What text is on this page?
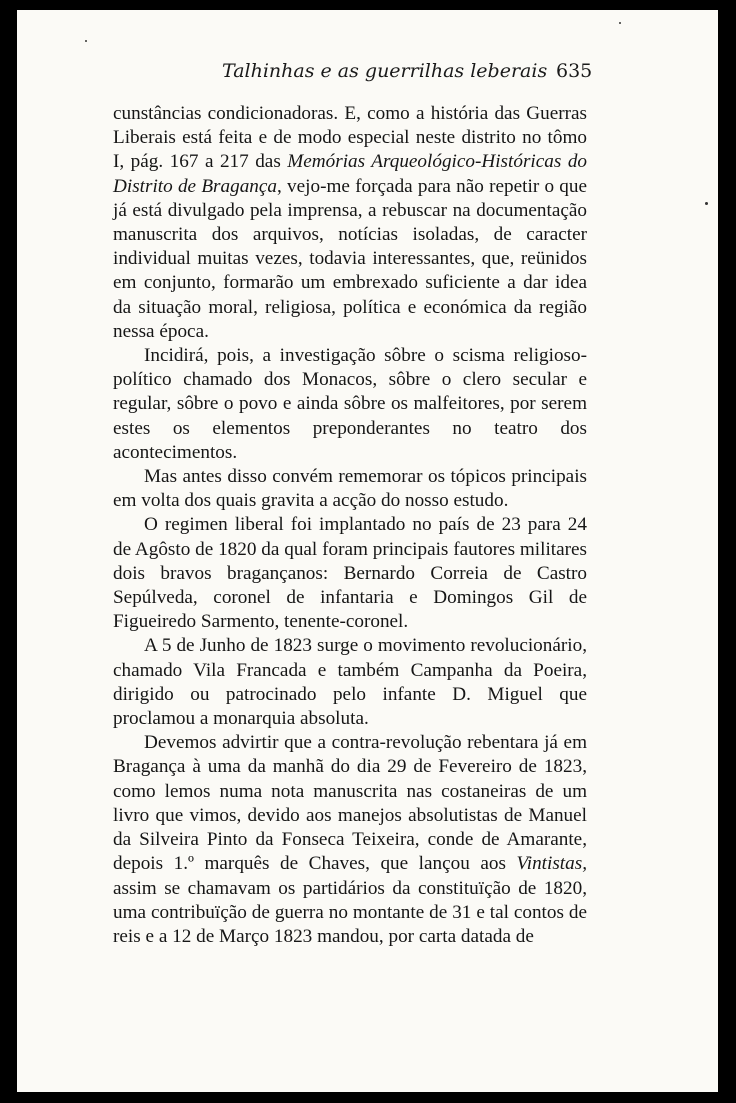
Talhinhas e as guerrilhas leberais 635

cunstâncias condicionadoras. E, como a história das Guerras Liberais está feita e de modo especial neste distrito no tômo I, pág. 167 a 217 das Memórias Arqueológico-Históricas do Distrito de Bragança, vejo-me forçada para não repetir o que já está divulgado pela imprensa, a rebuscar na documentação manuscrita dos arquivos, notícias isoladas, de caracter individual muitas vezes, todavia interessantes, que, reünidos em conjunto, formarão um embrexado suficiente a dar idea da situação moral, religiosa, política e económica da região nessa época.

Incidirá, pois, a investigação sôbre o scisma religioso-político chamado dos Monacos, sôbre o clero secular e regular, sôbre o povo e ainda sôbre os malfeitores, por serem estes os elementos preponderantes no teatro dos acontecimentos.

Mas antes disso convém rememorar os tópicos principais em volta dos quais gravita a acção do nosso estudo.

O regimen liberal foi implantado no país de 23 para 24 de Agôsto de 1820 da qual foram principais fautores militares dois bravos bragançanos: Bernardo Correia de Castro Sepúlveda, coronel de infantaria e Domingos Gil de Figueiredo Sarmento, tenente-coronel.

A 5 de Junho de 1823 surge o movimento revolucionário, chamado Vila Francada e também Campanha da Poeira, dirigido ou patrocinado pelo infante D. Miguel que proclamou a monarquia absoluta.

Devemos advirtir que a contra-revolução rebentara já em Bragança à uma da manhã do dia 29 de Fevereiro de 1823, como lemos numa nota manuscrita nas costaneiras de um livro que vimos, devido aos manejos absolutistas de Manuel da Silveira Pinto da Fonseca Teixeira, conde de Amarante, depois 1.º marquês de Chaves, que lançou aos Vintistas, assim se chamavam os partidários da constituïção de 1820, uma contribuïção de guerra no montante de 31 e tal contos de reis e a 12 de Março 1823 mandou, por carta datada de
